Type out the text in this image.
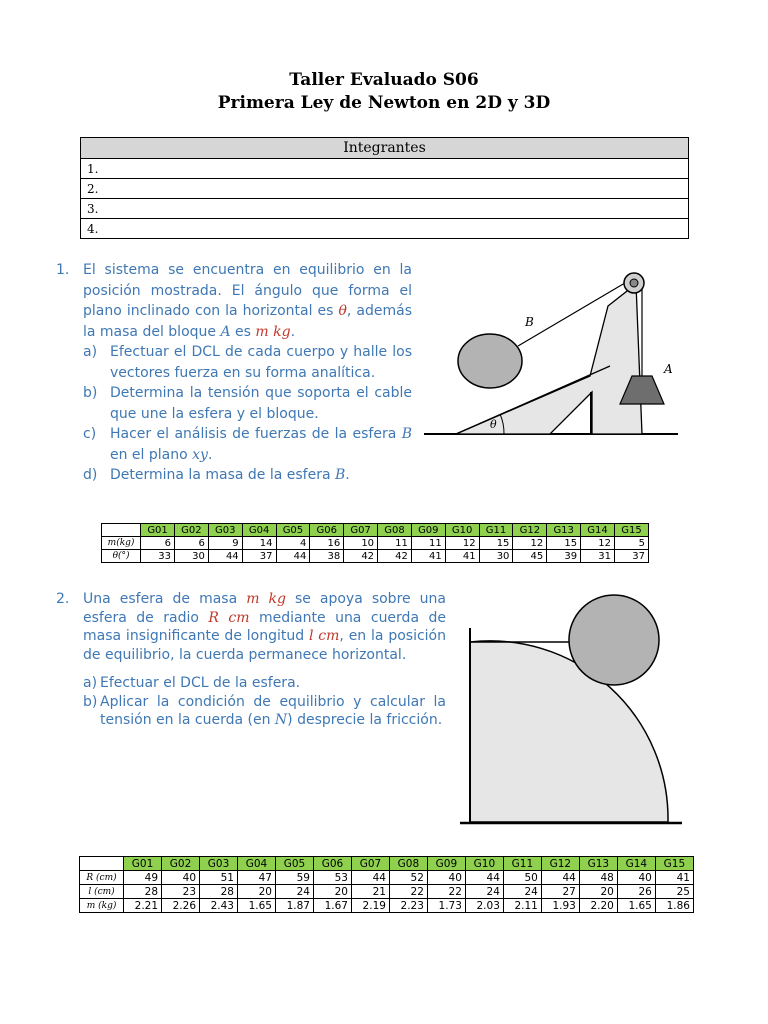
Taller Evaluado S06
Primera Ley de Newton en 2D y 3D
Integrantes
1.
2.
3.
4.
1. El sistema se encuentra en equilibrio en la posición mostrada. El ángulo que forma el plano inclinado con la horizontal es θ, además la masa del bloque A es m kg.
a) Efectuar el DCL de cada cuerpo y halle los vectores fuerza en su forma analítica.
b) Determina la tensión que soporta el cable que une la esfera y el bloque.
c) Hacer el análisis de fuerzas de la esfera B en el plano xy.
d) Determina la masa de la esfera B.
B
A
θ
	G01	G02	G03	G04	G05	G06	G07	G08	G09	G10	G11	G12	G13	G14	G15
m(kg)	6	6	9	14	4	16	10	11	11	12	15	12	15	12	5
θ(°)	33	30	44	37	44	38	42	42	41	41	30	45	39	31	37
2. Una esfera de masa m kg se apoya sobre una esfera de radio R cm mediante una cuerda de masa insignificante de longitud l cm, en la posición de equilibrio, la cuerda permanece horizontal.
a) Efectuar el DCL de la esfera.
b) Aplicar la condición de equilibrio y calcular la tensión en la cuerda (en N) desprecie la fricción.
	G01	G02	G03	G04	G05	G06	G07	G08	G09	G10	G11	G12	G13	G14	G15
R (cm)	49	40	51	47	59	53	44	52	40	44	50	44	48	40	41
l (cm)	28	23	28	20	24	20	21	22	22	24	24	27	20	26	25
m (kg)	2.21	2.26	2.43	1.65	1.87	1.67	2.19	2.23	1.73	2.03	2.11	1.93	2.20	1.65	1.86
